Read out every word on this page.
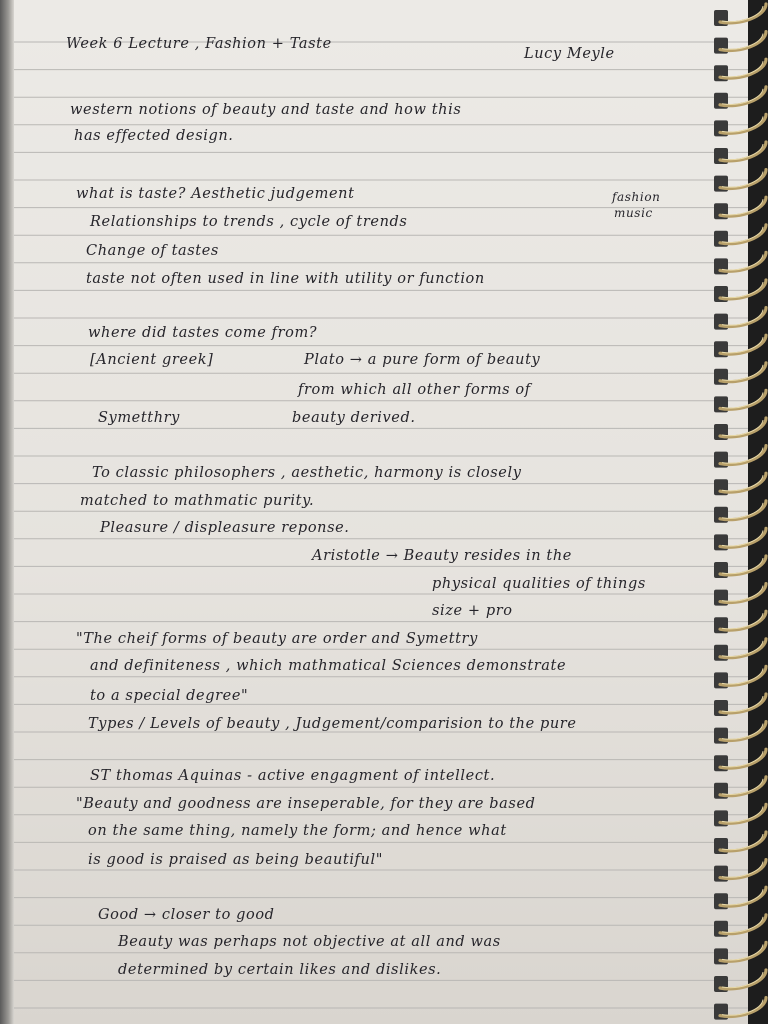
Week 6 Lecture , Fashion + Taste
Lucy Meyle
western notions of beauty and taste and how this
has effected design.
what is taste? Aesthetic judgement	fashion
music
Relationships to trends , cycle of trends
Change of tastes
taste not often used in line with utility or function
where did tastes come from?
[Ancient greek]	Plato → a pure form of beauty
from which all other forms of
Symetthry	beauty derived.
To classic philosophers , aesthetic, harmony is closely
matched to mathmatic purity.
Pleasure / displeasure reponse.
Aristotle → Beauty resides in the
physical qualities of things
size + pro
"The cheif forms of beauty are order and Symettry
and definiteness , which mathmatical Sciences demonstrate
to a special degree"
Types / Levels of beauty , Judgement/comparision to the pure
ST thomas Aquinas - active engagment of intellect.
"Beauty and goodness are inseperable, for they are based
on the same thing, namely the form; and hence what
is good is praised as being beautiful"
Good → closer to good
Beauty was perhaps not objective at all and was
determined by certain likes and dislikes.
